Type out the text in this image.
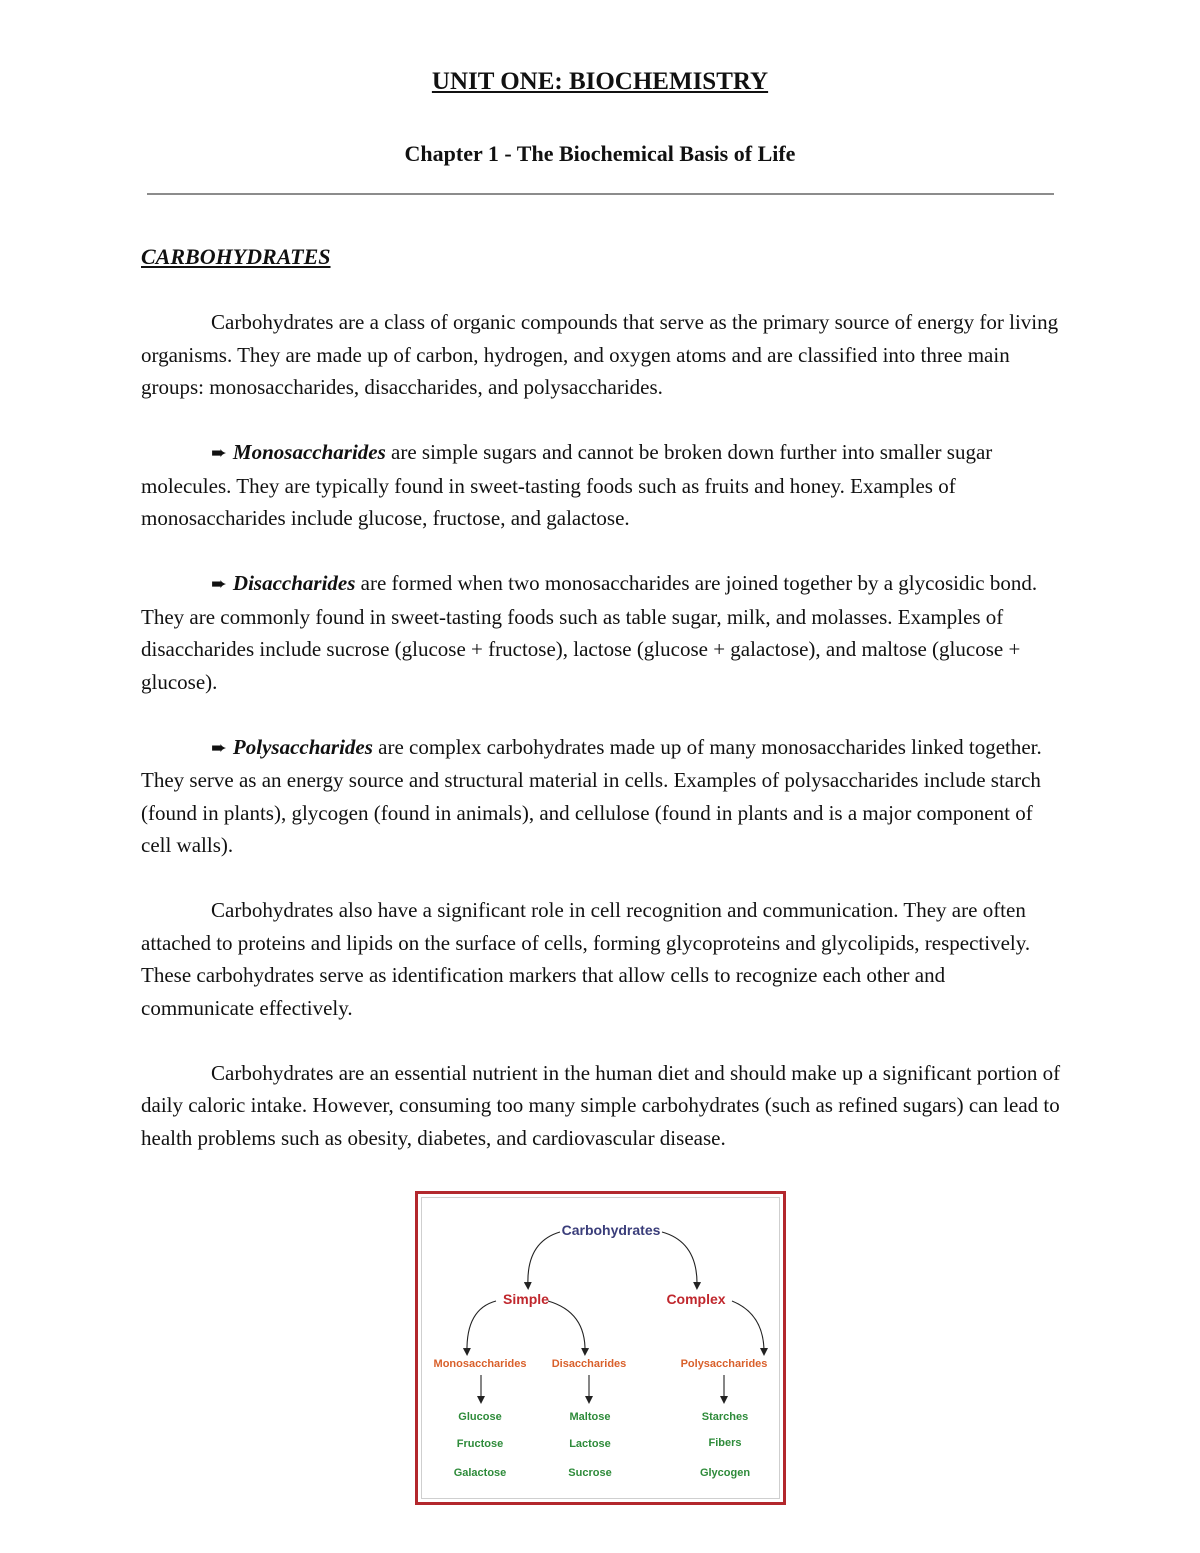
UNIT ONE: BIOCHEMISTRY
Chapter 1 - The Biochemical Basis of Life
CARBOHYDRATES

Carbohydrates are a class of organic compounds that serve as the primary source of energy for living organisms. They are made up of carbon, hydrogen, and oxygen atoms and are classified into three main groups: monosaccharides, disaccharides, and polysaccharides.

➨ Monosaccharides are simple sugars and cannot be broken down further into smaller sugar molecules. They are typically found in sweet-tasting foods such as fruits and honey. Examples of monosaccharides include glucose, fructose, and galactose.

➨ Disaccharides are formed when two monosaccharides are joined together by a glycosidic bond. They are commonly found in sweet-tasting foods such as table sugar, milk, and molasses. Examples of disaccharides include sucrose (glucose + fructose), lactose (glucose + galactose), and maltose (glucose + glucose).

➨ Polysaccharides are complex carbohydrates made up of many monosaccharides linked together. They serve as an energy source and structural material in cells. Examples of polysaccharides include starch (found in plants), glycogen (found in animals), and cellulose (found in plants and is a major component of cell walls).

Carbohydrates also have a significant role in cell recognition and communication. They are often attached to proteins and lipids on the surface of cells, forming glycoproteins and glycolipids, respectively. These carbohydrates serve as identification markers that allow cells to recognize each other and communicate effectively.

Carbohydrates are an essential nutrient in the human diet and should make up a significant portion of daily caloric intake. However, consuming too many simple carbohydrates (such as refined sugars) can lead to health problems such as obesity, diabetes, and cardiovascular disease.

Carbohydrates
Simple	Complex
Monosaccharides Disaccharides	Polysaccharides
Glucose
Fructose
Galactose
Maltose
Lactose
Sucrose
Starches
Fibers
Glycogen
